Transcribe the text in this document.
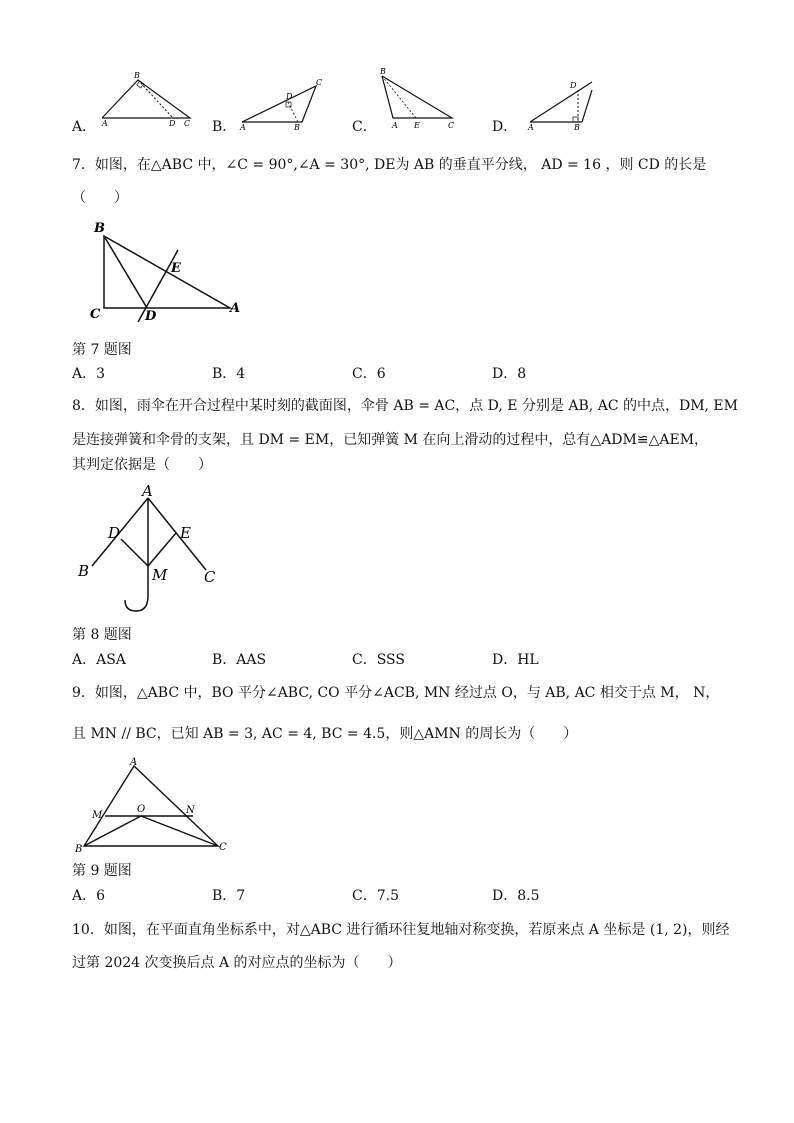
B
A	D C
C
D
A	B
B
A E	C
D
A	B
A．	B．	C．	D．
7．如图，在△ABC 中，∠C = 90°,∠A = 30°, DE为 AB 的垂直平分线， AD = 16 ，则 CD 的长是
（　　）
B
E
C	D
A
第 7 题图
A．3	B．4	C．6	D．8
8．如图，雨伞在开合过程中某时刻的截面图，伞骨 AB = AC，点 D, E 分别是 AB, AC 的中点，DM, EM
是连接弹簧和伞骨的支架，且 DM = EM，已知弹簧 M 在向上滑动的过程中，总有△ADM≌△AEM，
其判定依据是（　　）
A
D	E
B	M C
第 8 题图
A．ASA	B．AAS	C．SSS	D．HL
9．如图，△ABC 中，BO 平分∠ABC, CO 平分∠ACB, MN 经过点 O，与 AB, AC 相交于点 M， N，
且 MN // BC，已知 AB = 3, AC = 4, BC = 4.5，则△AMN 的周长为（　　）
A
M
O	N
B	C
第 9 题图
A．6	B．7	C．7.5	D．8.5
10．如图，在平面直角坐标系中，对△ABC 进行循环往复地轴对称变换，若原来点 A 坐标是 (1, 2)，则经
过第 2024 次变换后点 A 的对应点的坐标为（　　）
